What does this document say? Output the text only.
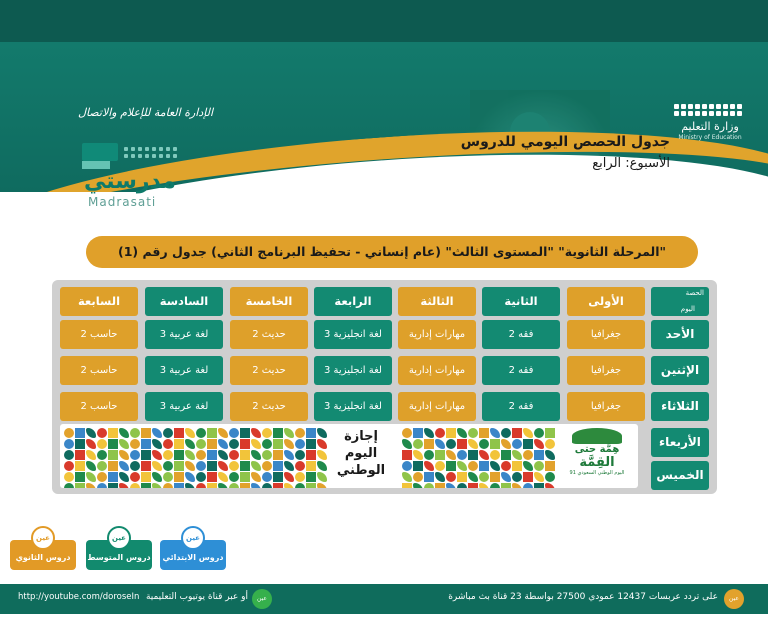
وزارة التعليم
Ministry of Education
الإدارة العامة للإعلام والاتصال
جدول الحصص اليومي للدروس
الأسبوع: الرابع
مدرستي
Madrasati
"المرحلة الثانوية" "المستوى الثالث" (عام إنساني - تحفيظ البرنامج الثاني) جدول رقم (1)
الأولى
الثانية
الثالثة
الرابعة
الخامسة
السادسة
السابعة
الحصة
اليوم
الأحد
الإثنين
الثلاثاء
الأربعاء
الخميس
جغرافيا
فقه 2
مهارات إدارية
لغة انجليزية 3
حديث 2
لغة عربية 3
حاسب 2
جغرافيا
فقه 2
مهارات إدارية
لغة انجليزية 3
حديث 2
لغة عربية 3
حاسب 2
جغرافيا
فقه 2
مهارات إدارية
لغة انجليزية 3
حديث 2
لغة عربية 3
حاسب 2
إجازة
اليوم
الوطني
هِمَّة حتى
القِمَّة
اليوم الوطني السعودي 91
عين
دروس الابتدائي
عين
دروس المتوسط
عين
دروس الثانوي
عين
على تردد عربسات 12437 عمودي 27500 بواسطة 23 قناة بث مباشرة
عين
أو عبر قناة يوتيوب التعليمية
http://youtube.com/doroseIn
